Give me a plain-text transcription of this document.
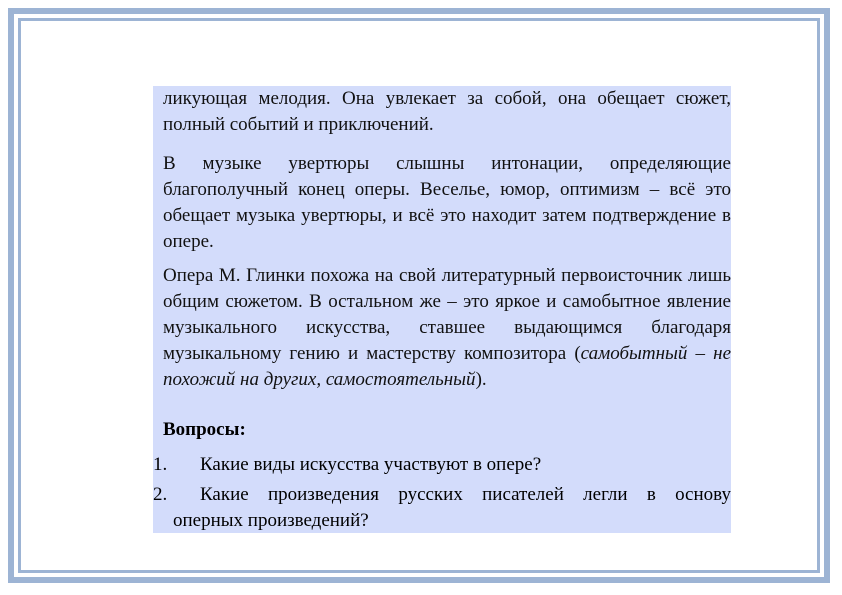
ликующая мелодия. Она увлекает за собой, она обещает сюжет, полный событий и приключений.

В музыке увертюры слышны интонации, определяющие благополучный конец оперы. Веселье, юмор, оптимизм – всё это обещает музыка увертюры, и всё это находит затем подтверждение в опере.

Опера М. Глинки похожа на свой литературный первоисточник лишь общим сюжетом. В остальном же – это яркое и самобытное явление музыкального искусства, ставшее выдающимся благодаря музыкальному гению и мастерству композитора (самобытный – не похожий на других, самостоятельный).

Вопросы:
1.	Какие виды искусства участвуют в опере?
2.	Какие произведения русских писателей легли в основу
оперных произведений?
